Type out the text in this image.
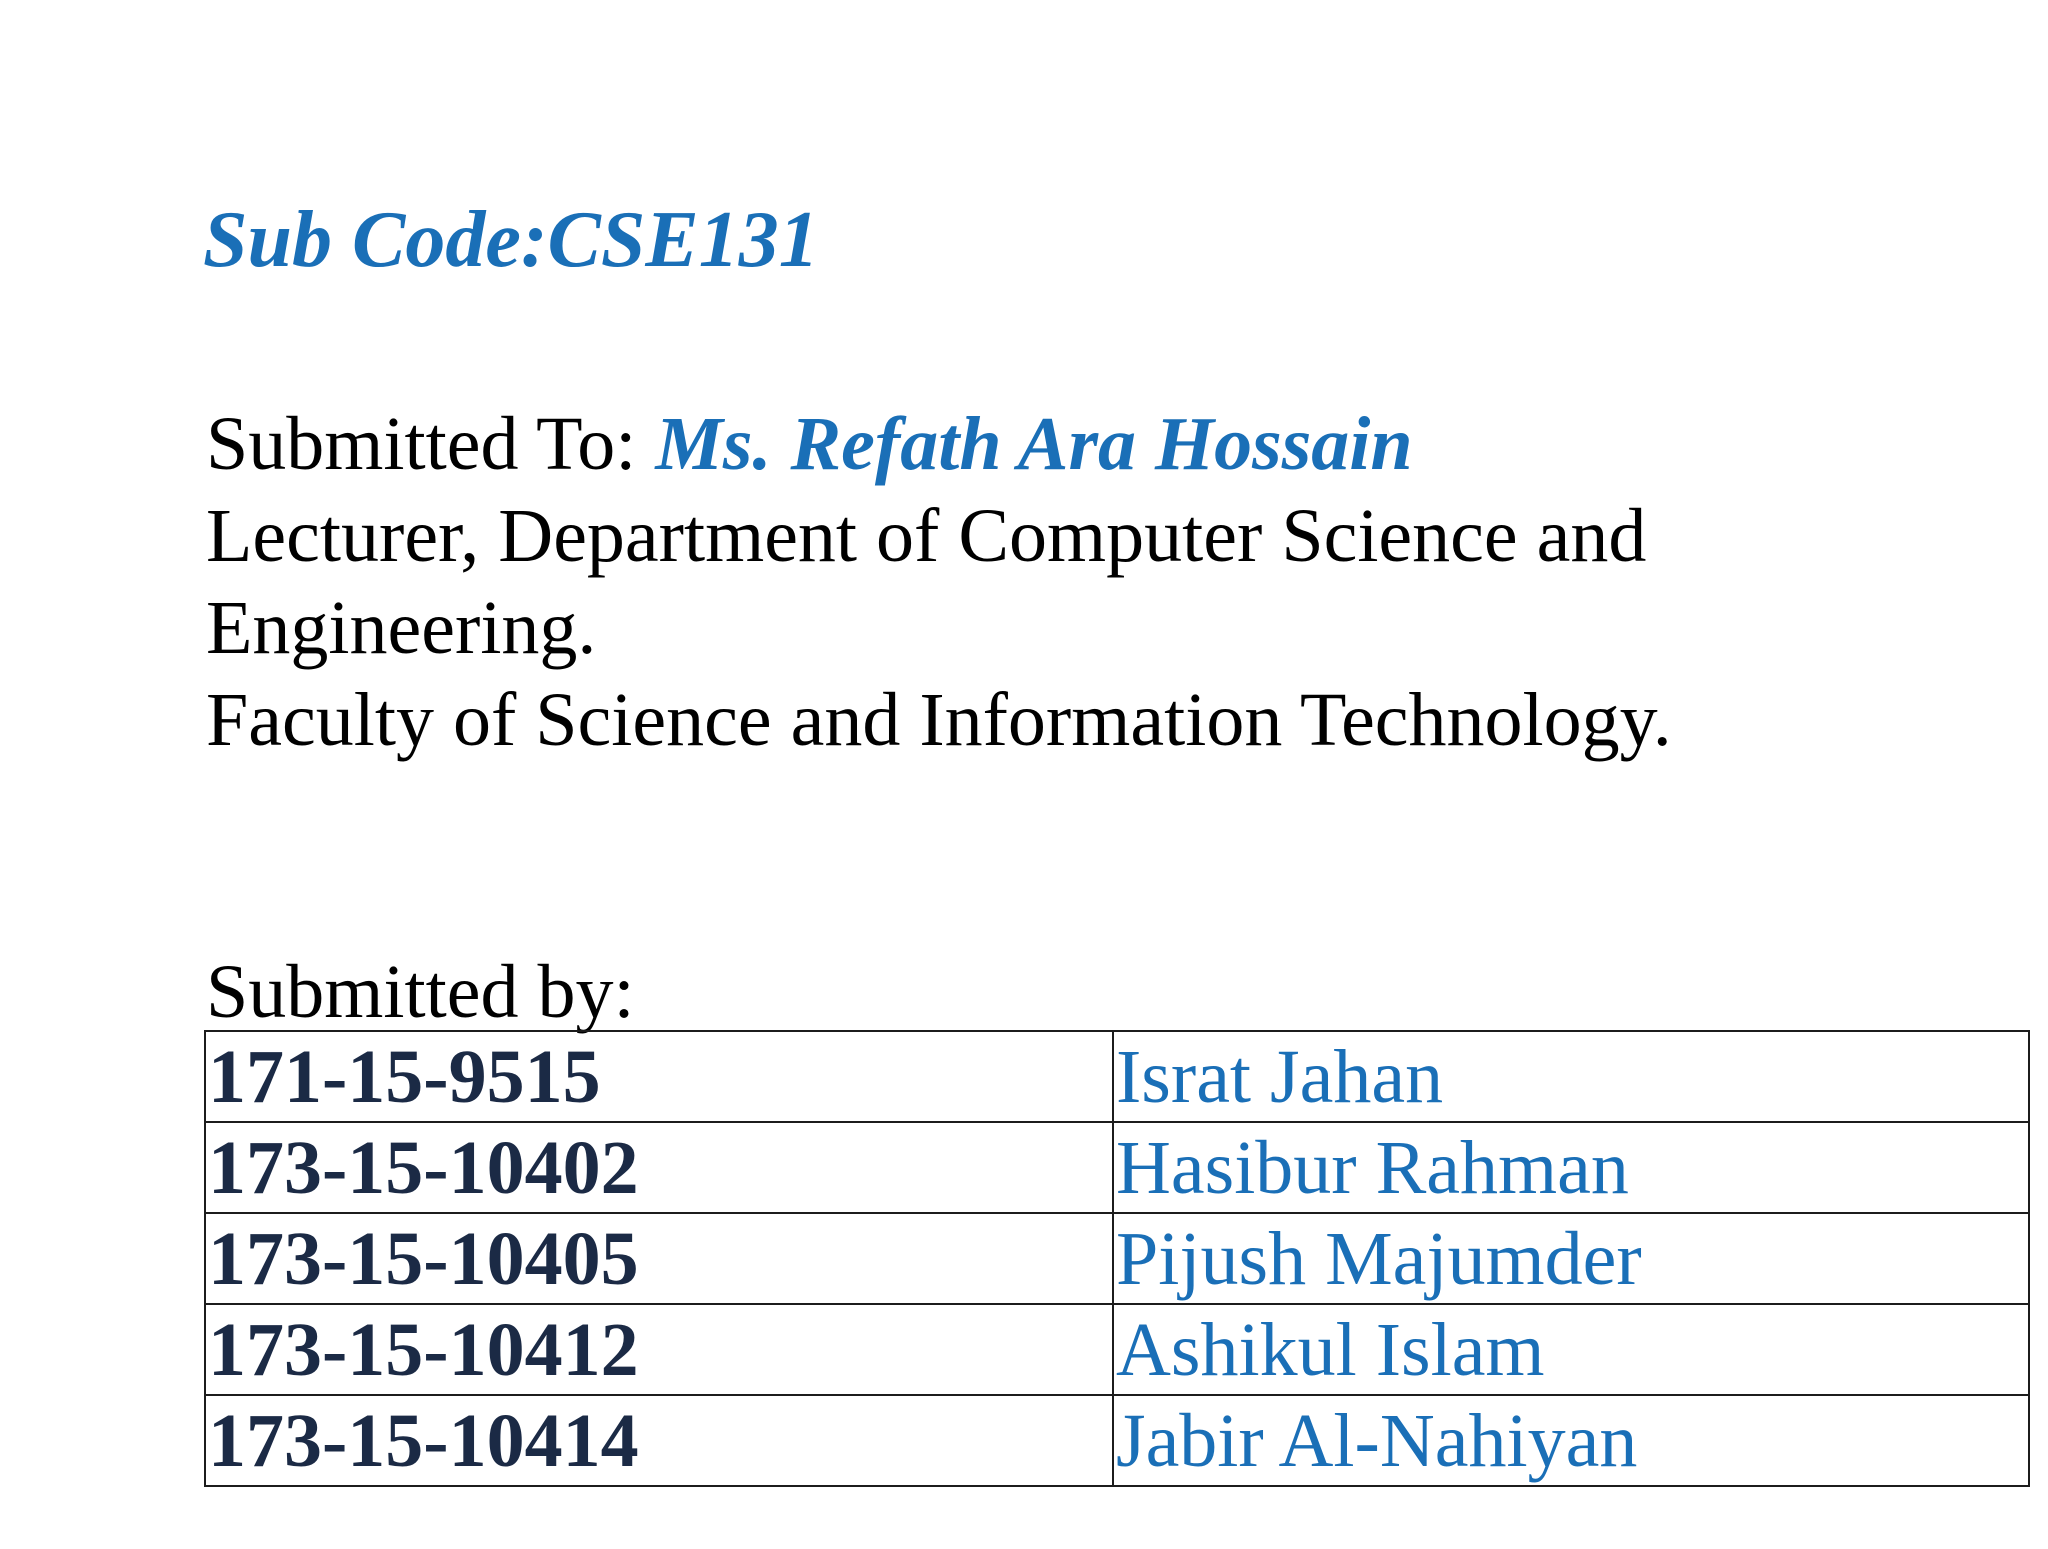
Sub Code:CSE131
Submitted To: Ms. Refath Ara Hossain
Lecturer, Department of Computer Science and
Engineering.
Faculty of Science and Information Technology.
Submitted by:
171-15-9515	Israt Jahan
173-15-10402	Hasibur Rahman
173-15-10405	Pijush Majumder
173-15-10412	Ashikul Islam
173-15-10414	Jabir Al-Nahiyan
